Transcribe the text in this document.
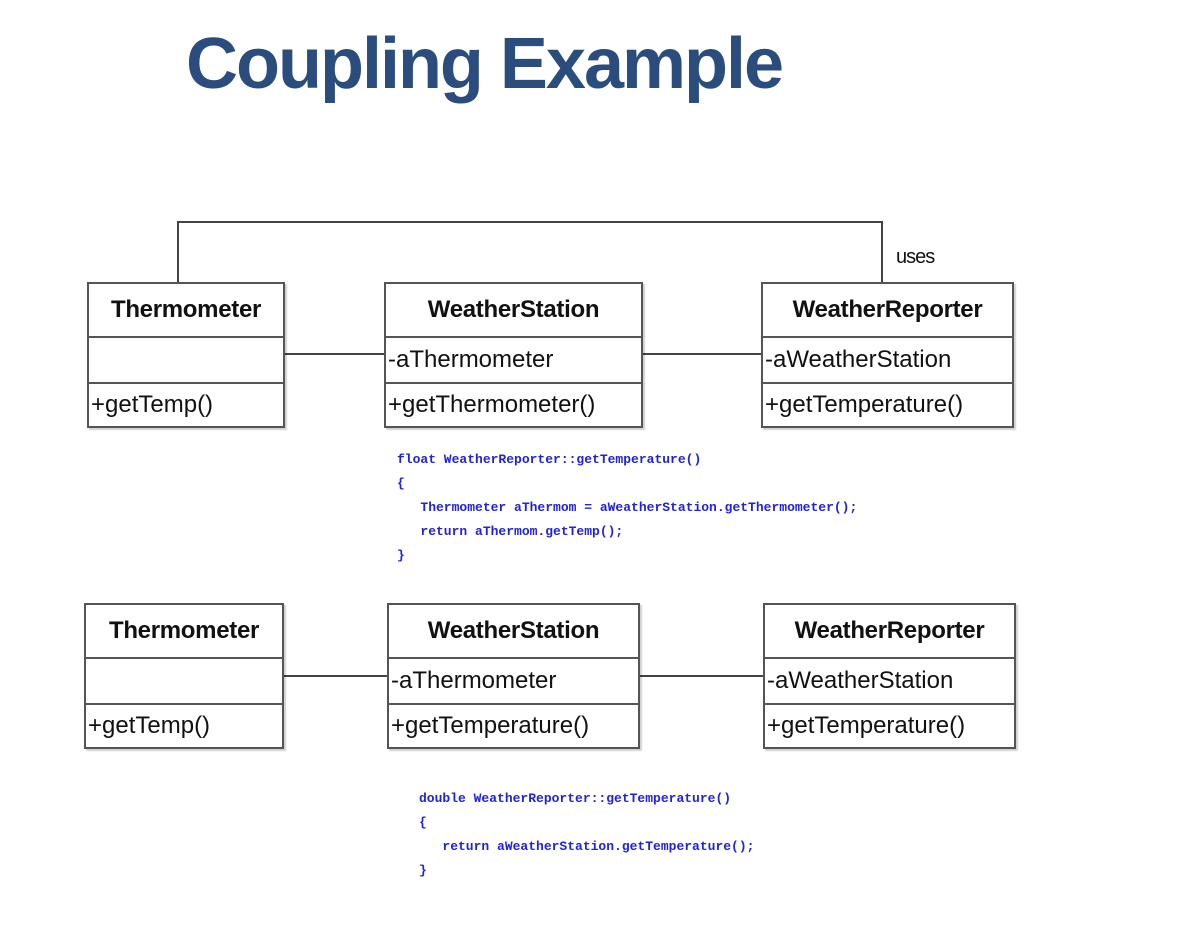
Coupling Example
uses
Thermometer
+getTemp()
WeatherStation
-aThermometer
+getThermometer()
WeatherReporter
-aWeatherStation
+getTemperature()
float WeatherReporter::getTemperature()
{
Thermometer aThermom = aWeatherStation.getThermometer();
return aThermom.getTemp();
}
Thermometer
+getTemp()
WeatherStation
-aThermometer
+getTemperature()
WeatherReporter
-aWeatherStation
+getTemperature()
double WeatherReporter::getTemperature()
{
return aWeatherStation.getTemperature();
}
